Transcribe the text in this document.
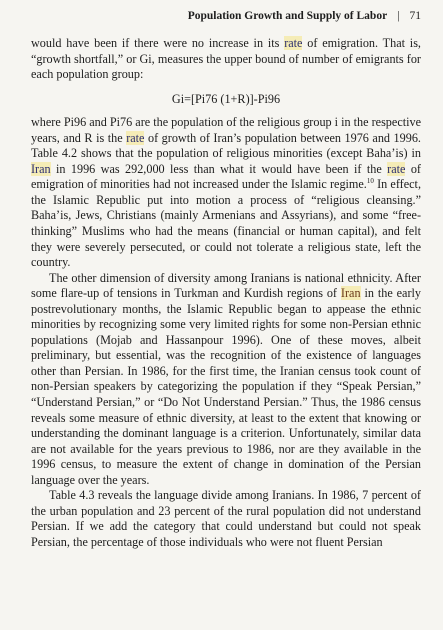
Population Growth and Supply of Labor | 71

would have been if there were no increase in its rate of emigration. That is, “growth shortfall,” or Gi, measures the upper bound of number of emigrants for each population group:

Gi=[Pi76 (1+R)]-Pi96

where Pi96 and Pi76 are the population of the religious group i in the respective years, and R is the rate of growth of Iran’s population between 1976 and 1996. Table 4.2 shows that the population of religious minorities (except Baha’is) in Iran in 1996 was 292,000 less than what it would have been if the rate of emigration of minorities had not increased under the Islamic regime.$^{10}$ In effect, the Islamic Republic put into motion a process of “religious cleansing.” Baha’is, Jews, Christians (mainly Armenians and Assyrians), and some “free-thinking” Muslims who had the means (financial or human capital), and felt they were severely persecuted, or could not tolerate a religious state, left the country.

The other dimension of diversity among Iranians is national ethnicity. After some flare-up of tensions in Turkman and Kurdish regions of Iran in the early postrevolutionary months, the Islamic Republic began to appease the ethnic minorities by recognizing some very limited rights for some non-Persian ethnic populations (Mojab and Hassanpour 1996). One of these moves, albeit preliminary, but essential, was the recognition of the existence of languages other than Persian. In 1986, for the first time, the Iranian census took count of non-Persian speakers by categorizing the population if they “Speak Persian,” “Understand Persian,” or “Do Not Understand Persian.” Thus, the 1986 census reveals some measure of ethnic diversity, at least to the extent that knowing or understanding the dominant language is a criterion. Unfortunately, similar data are not available for the years previous to 1986, nor are they available in the 1996 census, to measure the extent of change in domination of the Persian language over the years.

Table 4.3 reveals the language divide among Iranians. In 1986, 7 percent of the urban population and 23 percent of the rural population did not understand Persian. If we add the category that could understand but could not speak Persian, the percentage of those individuals who were not fluent Persian
